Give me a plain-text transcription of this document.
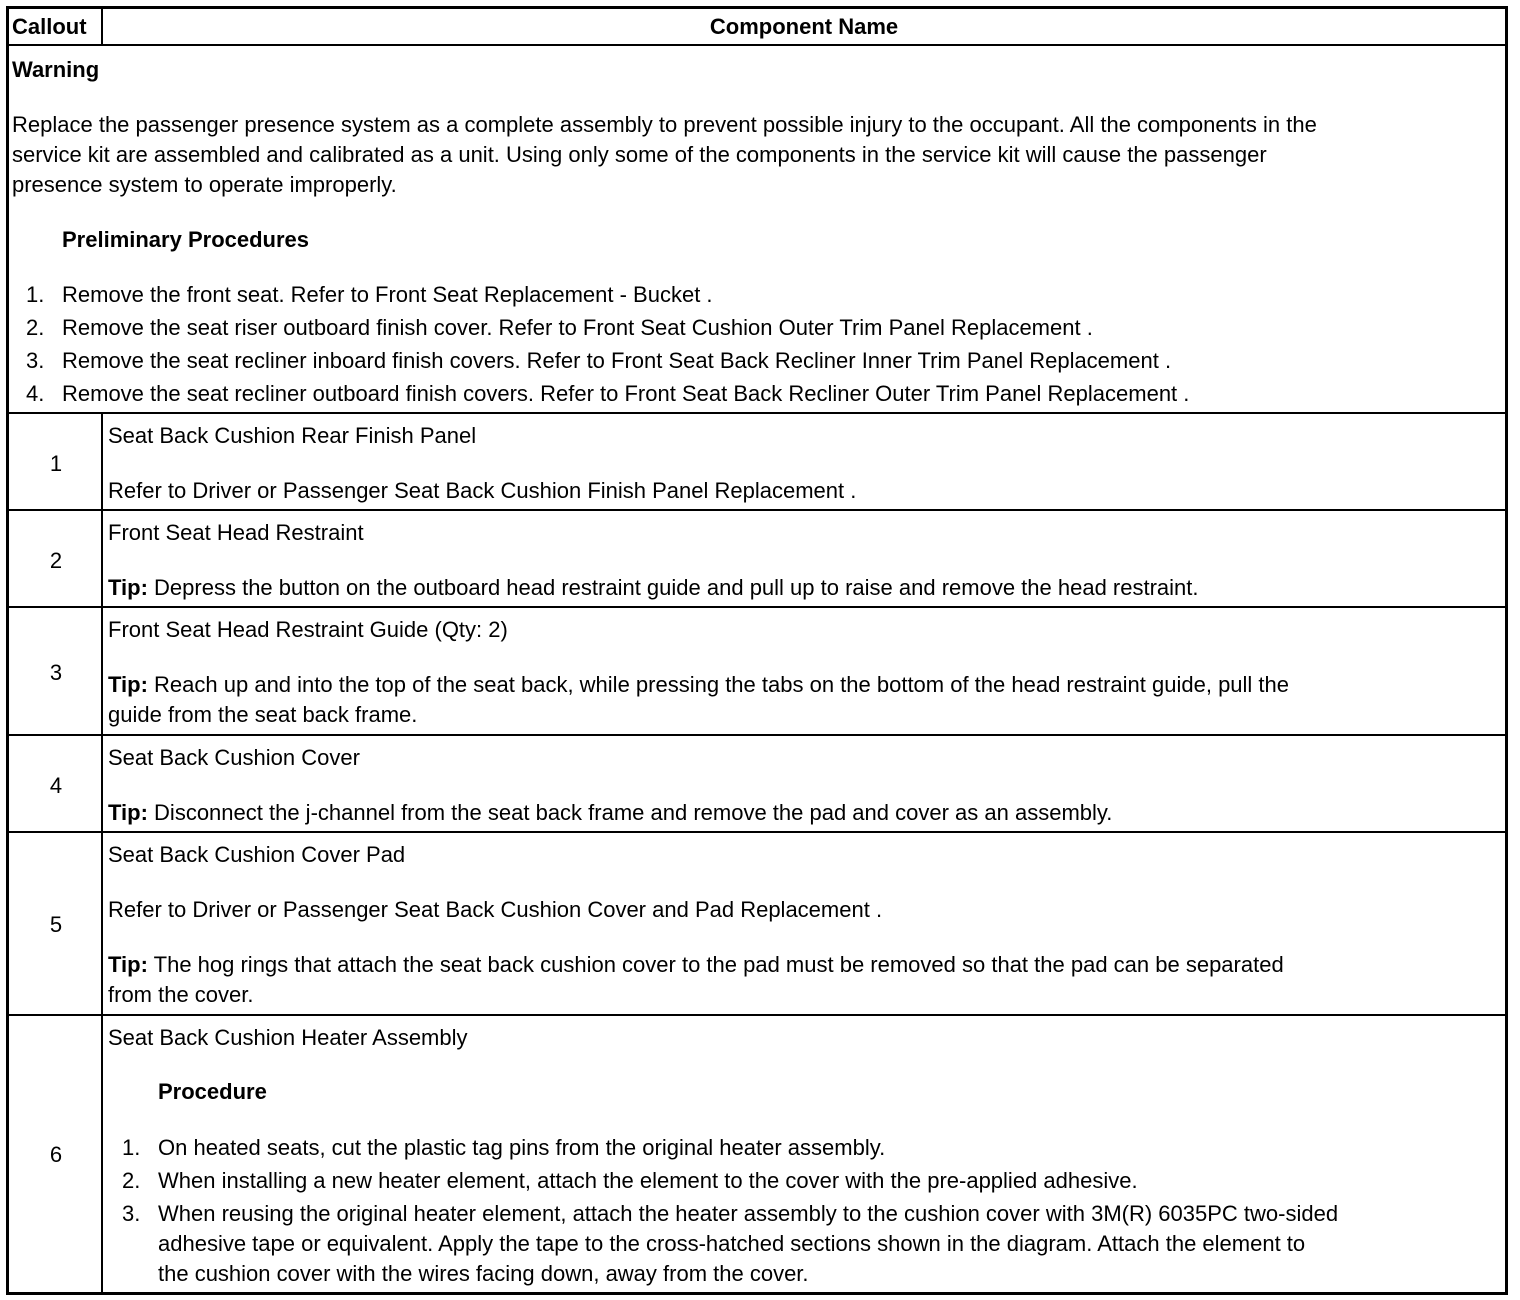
Callout	Component Name
Warning
Replace the passenger presence system as a complete assembly to prevent possible injury to the occupant. All the components in the
service kit are assembled and calibrated as a unit. Using only some of the components in the service kit will cause the passenger
presence system to operate improperly.
Preliminary Procedures
1. Remove the front seat. Refer to Front Seat Replacement - Bucket .
2. Remove the seat riser outboard finish cover. Refer to Front Seat Cushion Outer Trim Panel Replacement .
3. Remove the seat recliner inboard finish covers. Refer to Front Seat Back Recliner Inner Trim Panel Replacement .
4. Remove the seat recliner outboard finish covers. Refer to Front Seat Back Recliner Outer Trim Panel Replacement .
1
Seat Back Cushion Rear Finish Panel
Refer to Driver or Passenger Seat Back Cushion Finish Panel Replacement .
2
Front Seat Head Restraint
Tip: Depress the button on the outboard head restraint guide and pull up to raise and remove the head restraint.
3
Front Seat Head Restraint Guide (Qty: 2)
Tip: Reach up and into the top of the seat back, while pressing the tabs on the bottom of the head restraint guide, pull the
guide from the seat back frame.
4
Seat Back Cushion Cover
Tip: Disconnect the j-channel from the seat back frame and remove the pad and cover as an assembly.
5
Seat Back Cushion Cover Pad
Refer to Driver or Passenger Seat Back Cushion Cover and Pad Replacement .
Tip: The hog rings that attach the seat back cushion cover to the pad must be removed so that the pad can be separated
from the cover.
6
Seat Back Cushion Heater Assembly
Procedure
1. On heated seats, cut the plastic tag pins from the original heater assembly.
2. When installing a new heater element, attach the element to the cover with the pre-applied adhesive.
3. When reusing the original heater element, attach the heater assembly to the cushion cover with 3M(R) 6035PC two-sided
adhesive tape or equivalent. Apply the tape to the cross-hatched sections shown in the diagram. Attach the element to
the cushion cover with the wires facing down, away from the cover.
